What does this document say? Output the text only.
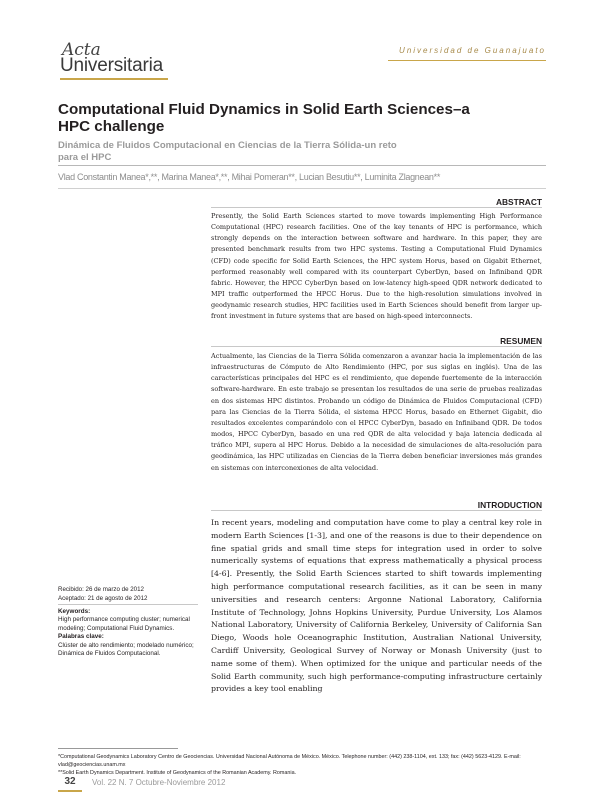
Acta
Universitaria
Universidad de Guanajuato
Computational Fluid Dynamics in Solid Earth Sciences–a HPC challenge
Dinámica de Fluidos Computacional en Ciencias de la Tierra Sólida-un reto para el HPC
Vlad Constantin Manea*,**, Marina Manea*,**, Mihai Pomeran**, Lucian Besutiu**, Luminita Zlagnean**
ABSTRACT
Presently, the Solid Earth Sciences started to move towards implementing High Performance Computational (HPC) research facilities. One of the key tenants of HPC is performance, which strongly depends on the interaction between software and hardware. In this paper, they are presented benchmark results from two HPC systems. Testing a Computational Fluid Dynamics (CFD) code specific for Solid Earth Sciences, the HPC system Horus, based on Gigabit Ethernet, performed reasonably well compared with its counterpart CyberDyn, based on Infiniband QDR fabric. However, the HPCC CyberDyn based on low-latency high-speed QDR network dedicated to MPI traffic outperformed the HPCC Horus. Due to the high-resolution simulations involved in geodynamic research studies, HPC facilities used in Earth Sciences should benefit from larger up-front investment in future systems that are based on high-speed interconnects.
RESUMEN
Actualmente, las Ciencias de la Tierra Sólida comenzaron a avanzar hacia la implementación de las infraestructuras de Cómputo de Alto Rendimiento (HPC, por sus siglas en inglés). Una de las características principales del HPC es el rendimiento, que depende fuertemente de la interacción software-hardware. En este trabajo se presentan los resultados de una serie de pruebas realizadas en dos sistemas HPC distintos. Probando un código de Dinámica de Fluidos Computacional (CFD) para las Ciencias de la Tierra Sólida, el sistema HPCC Horus, basado en Ethernet Gigabit, dio resultados excelentes comparándolo con el HPCC CyberDyn, basado en Infiniband QDR. De todos modos, HPCC CyberDyn, basado en una red QDR de alta velocidad y baja latencia dedicada al tráfico MPI, supera al HPC Horus. Debido a la necesidad de simulaciones de alta-resolución para geodinámica, las HPC utilizadas en Ciencias de la Tierra deben beneficiar inversiones más grandes en sistemas con interconexiones de alta velocidad.
INTRODUCTION
In recent years, modeling and computation have come to play a central key role in modern Earth Sciences [1-3], and one of the reasons is due to their dependence on fine spatial grids and small time steps for integration used in order to solve numerically systems of equations that express mathematically a physical process [4-6]. Presently, the Solid Earth Sciences started to shift towards implementing high performance computational research facilities, as it can be seen in many universities and research centers: Argonne National Laboratory, California Institute of Technology, Johns Hopkins University, Purdue University, Los Alamos National Laboratory, University of California Berkeley, University of California San Diego, Woods hole Oceanographic Institution, Australian National University, Cardiff University, Geological Survey of Norway or Monash University (just to name some of them). When optimized for the unique and particular needs of the Solid Earth community, such high performance-computing infrastructure certainly provides a key tool enabling
Recibido: 26 de marzo de 2012
Aceptado: 21 de agosto de 2012
Keywords:
High performance computing cluster; numerical modeling; Computational Fluid Dynamics.
Palabras clave:
Clúster de alto rendimiento; modelado numérico; Dinámica de Fluidos Computacional.
*Computational Geodynamics Laboratory Centro de Geociencias. Universidad Nacional Autónoma de México. México. Telephone number: (442) 238-1104, ext. 133; fax: (442) 5623-4129. E-mail: vlad@geociencias.unam.mx
**Solid Earth Dynamics Department. Institute of Geodynamics of the Romanian Academy. Romania.
32	Vol. 22 N. 7 Octubre-Noviembre 2012
